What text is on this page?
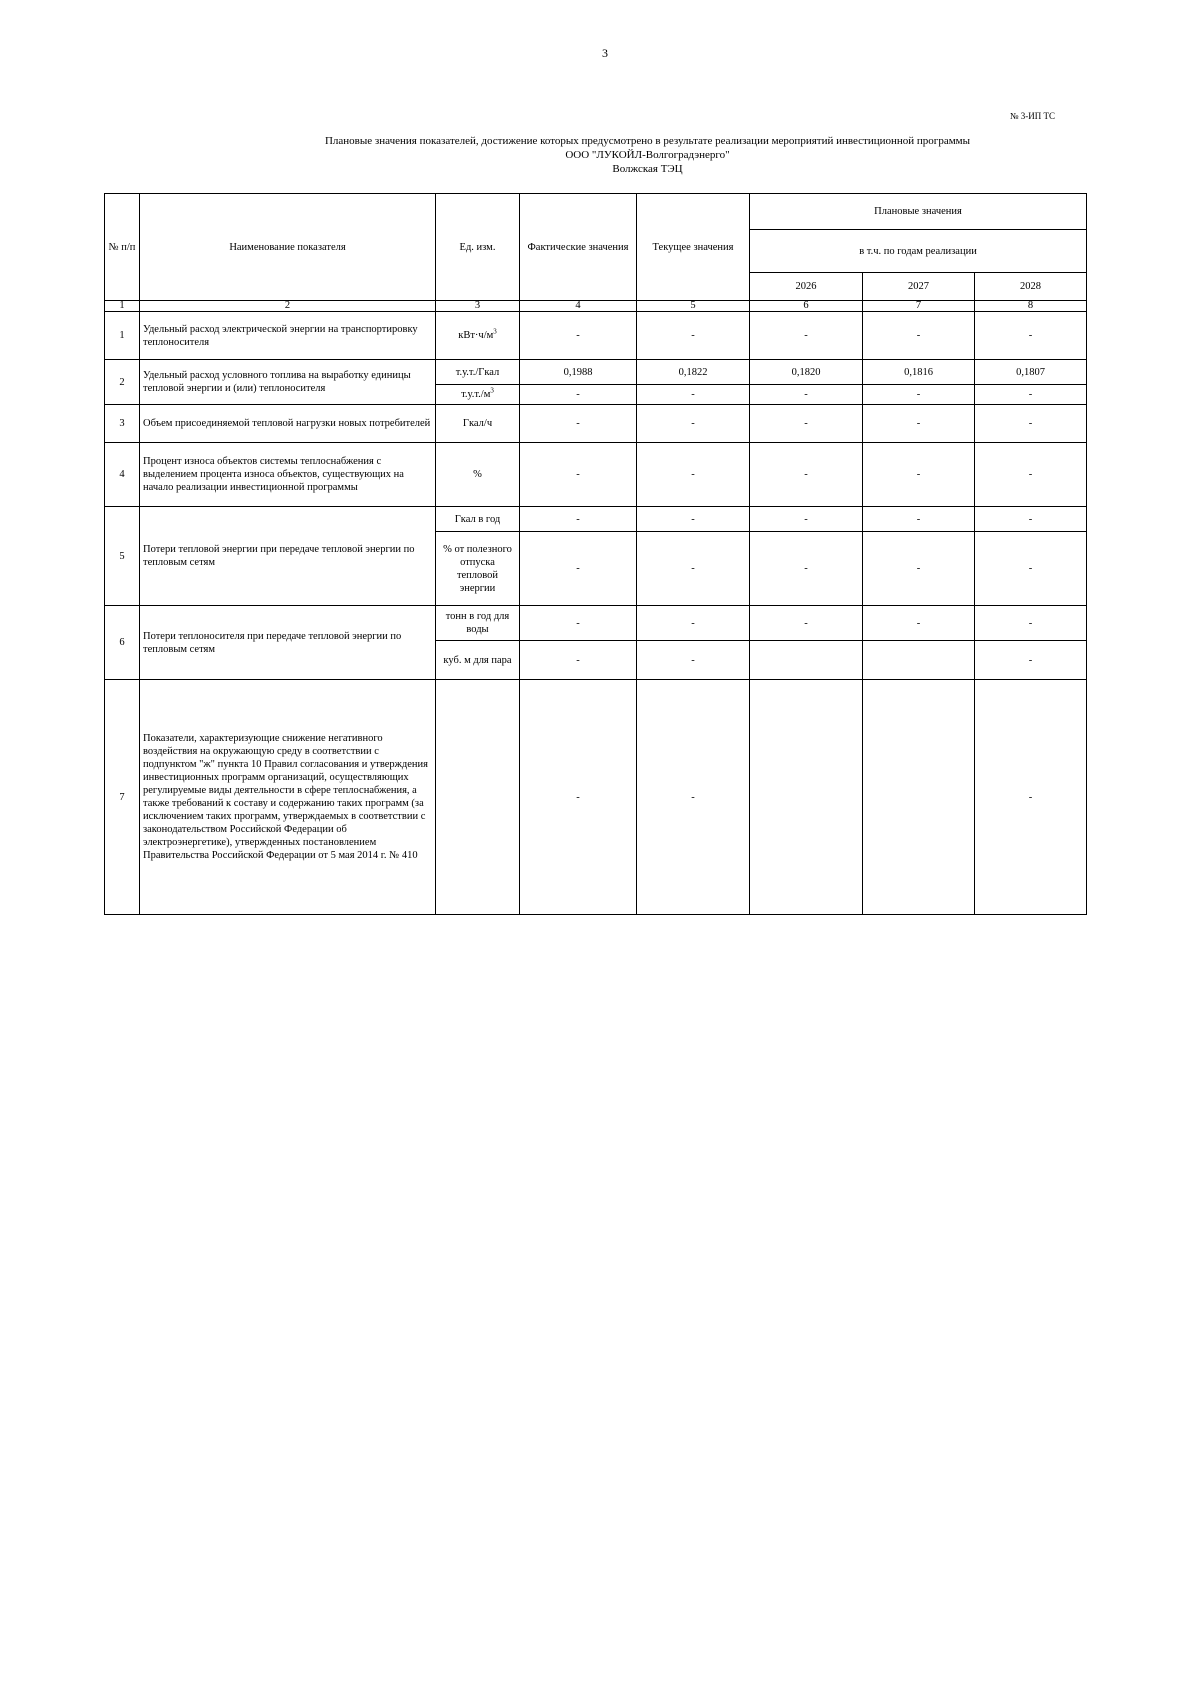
3
№ 3-ИП ТС
Плановые значения показателей, достижение которых предусмотрено в результате реализации мероприятий инвестиционной программы
ООО "ЛУКОЙЛ-Волгоградэнерго"
Волжская ТЭЦ
№ п/п	Наименование показателя	Ед. изм.	Фактические значения	Текущее значения	Плановые значения		
					в т.ч. по годам реализации		
					2026	2027	2028
1	2	3	4	5	6	7	8
1	Удельный расход электрической энергии на транспортировку теплоносителя	$кВт\cdot ч/м^3$	-	-	-	-	-
2	Удельный расход условного топлива на выработку единицы тепловой энергии и (или) теплоносителя	т.у.т./Гкал	0,1988	0,1822	0,1820	0,1816	0,1807
		$т.у.т./м^3$	-	-	-	-	-
3	Объем присоединяемой тепловой нагрузки новых потребителей	Гкал/ч	-	-	-	-	-
4	Процент износа объектов системы теплоснабжения с выделением процента износа объектов, существующих на начало реализации инвестиционной программы	%	-	-	-	-	-
5	Потери тепловой энергии при передаче тепловой энергии по тепловым сетям	Гкал в год	-	-	-	-	-
		% от полезного отпуска тепловой энергии	-	-	-	-	-
6	Потери теплоносителя при передаче тепловой энергии по тепловым сетям	тонн в год для воды	-	-	-	-	-
		куб. м для пара	-	-			-
7	Показатели, характеризующие снижение негативного воздействия на окружающую среду в соответствии с подпунктом "ж" пункта 10 Правил согласования и утверждения инвестиционных программ организаций, осуществляющих регулируемые виды деятельности в сфере теплоснабжения, а также требований к составу и содержанию таких программ (за исключением таких программ, утверждаемых в соответствии с законодательством Российской Федерации об электроэнергетике), утвержденных постановлением Правительства Российской Федерации от 5 мая 2014 г. № 410		-	-			-
